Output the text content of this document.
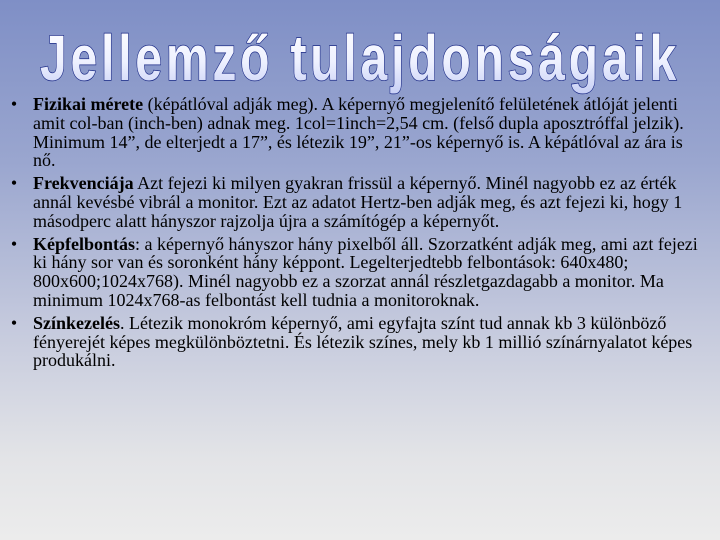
Jellemző tulajdonságaik
• Fizikai mérete (képátlóval adják meg). A képernyő megjelenítő felületének átlóját jelenti amit col-ban (inch-ben) adnak meg. 1col=1inch=2,54 cm. (felső dupla aposztróffal jelzik). Minimum 14”, de elterjedt a 17”, és létezik 19”, 21”-os képernyő is. A képátlóval az ára is nő.
• Frekvenciája Azt fejezi ki milyen gyakran frissül a képernyő. Minél nagyobb ez az érték annál kevésbé vibrál a monitor. Ezt az adatot Hertz-ben adják meg, és azt fejezi ki, hogy 1 másodperc alatt hányszor rajzolja újra a számítógép a képernyőt.
• Képfelbontás: a képernyő hányszor hány pixelből áll. Szorzatként adják meg, ami azt fejezi ki hány sor van és soronként hány képpont. Legelterjedtebb felbontások: 640x480; 800x600;1024x768). Minél nagyobb ez a szorzat annál részletgazdagabb a monitor. Ma minimum 1024x768-as felbontást kell tudnia a monitoroknak.
• Színkezelés. Létezik monokróm képernyő, ami egyfajta színt tud annak kb 3 különböző fényerejét képes megkülönböztetni. És létezik színes, mely kb 1 millió színárnyalatot képes produkálni.
